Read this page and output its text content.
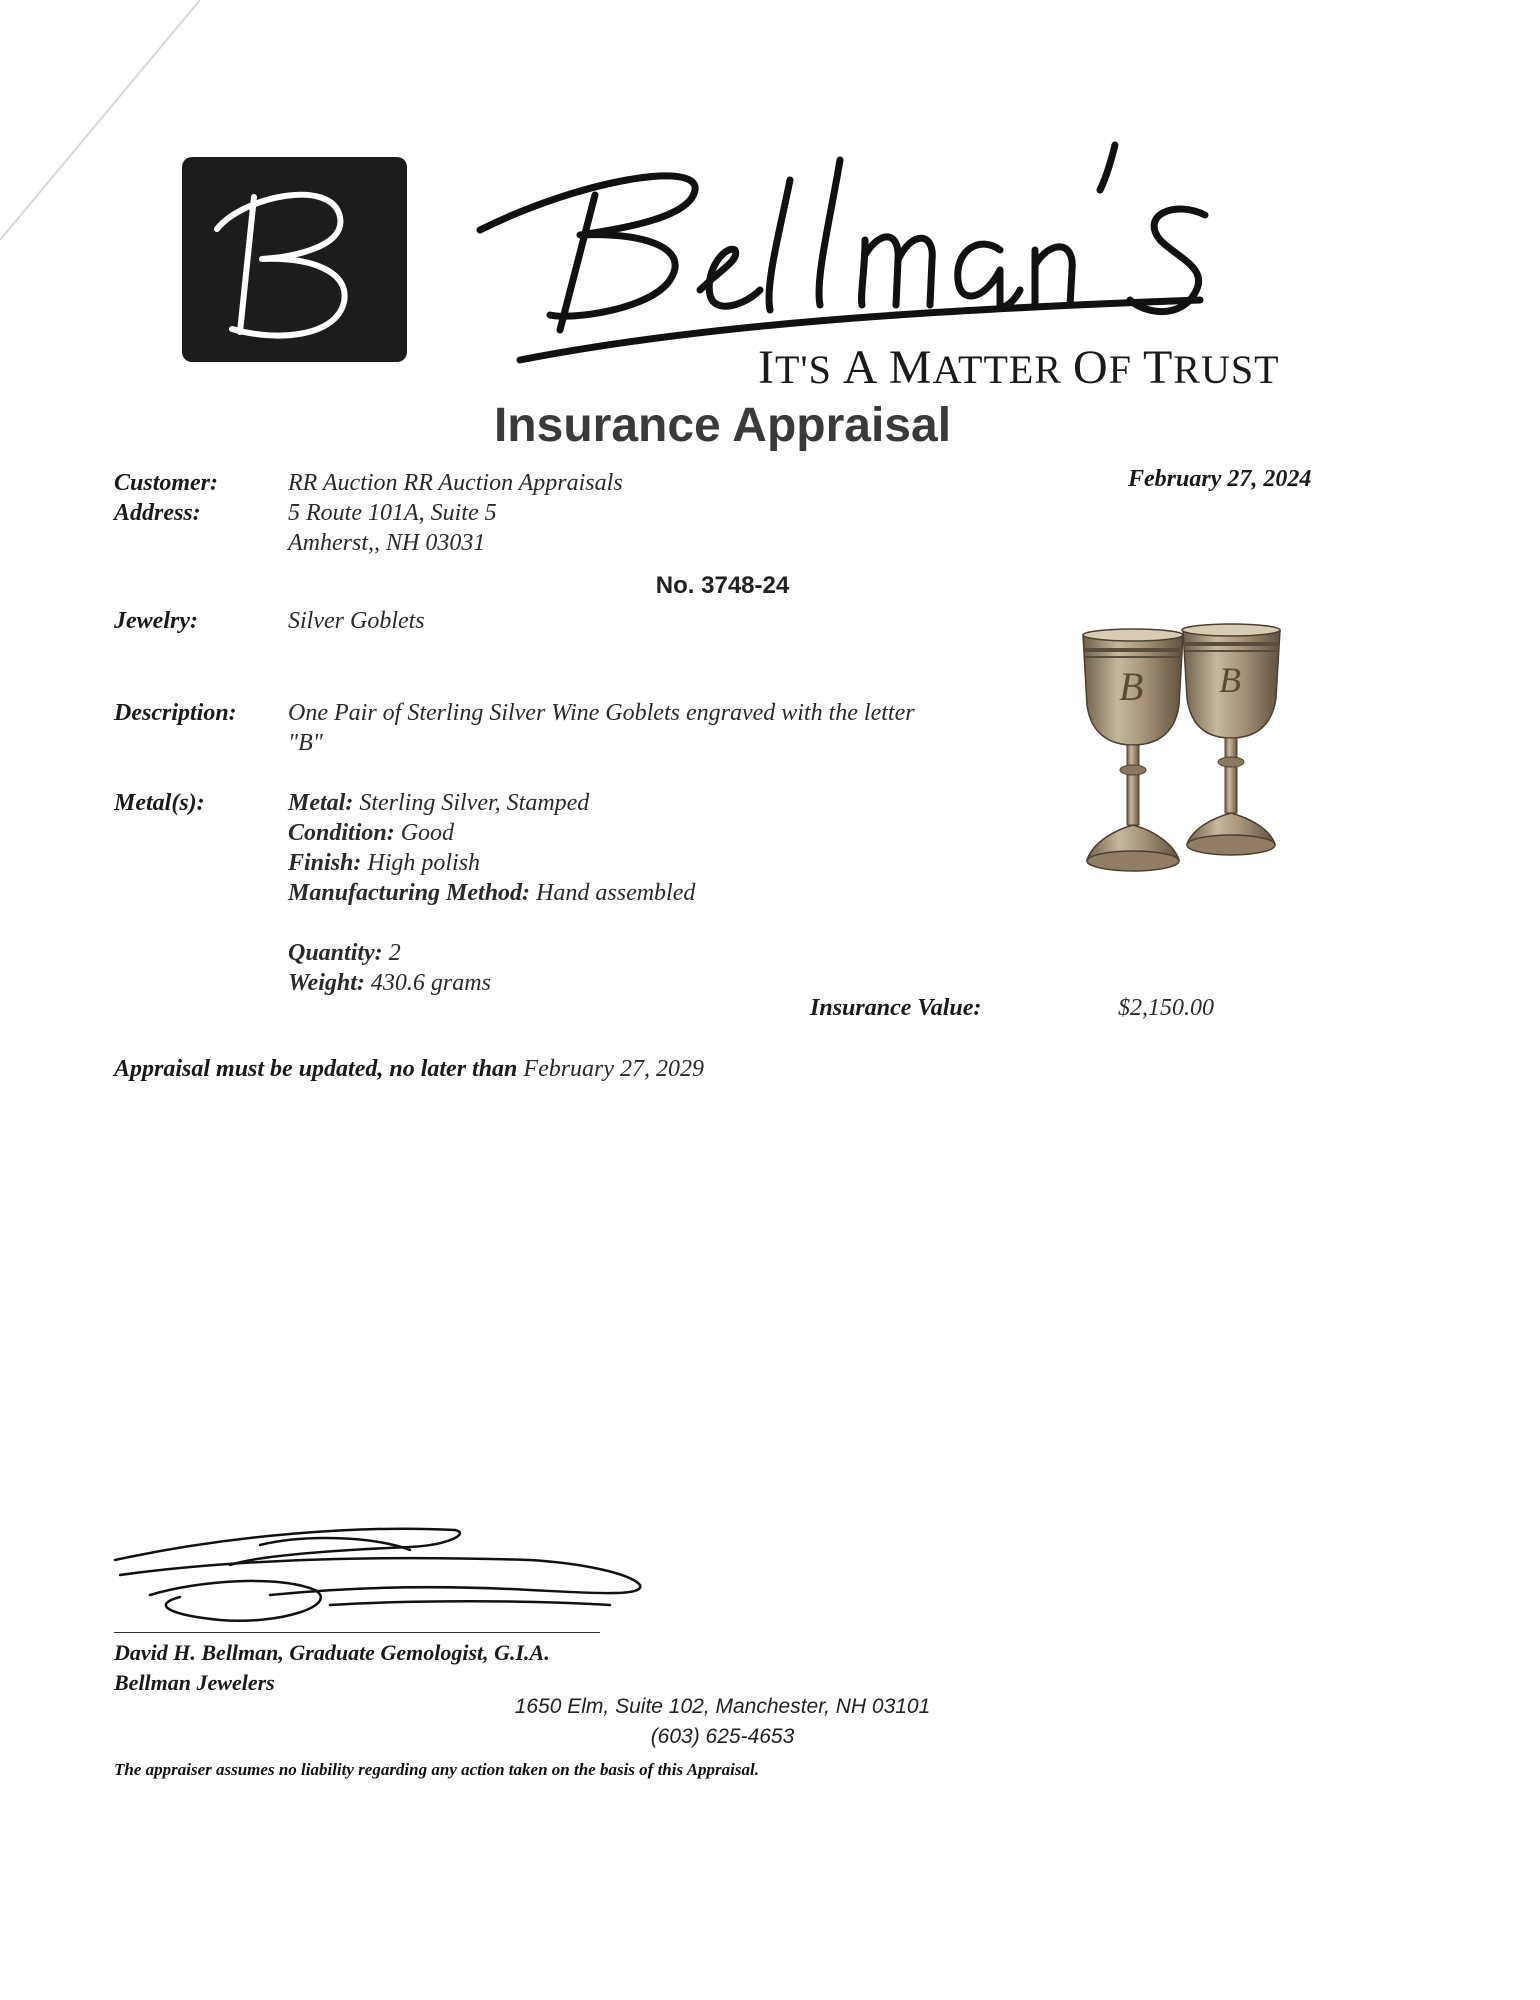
IT'S A MATTER OF TRUST
Insurance Appraisal
February 27, 2024
Customer:	RR Auction RR Auction Appraisals
Address:	5 Route 101A, Suite 5
Amherst,, NH 03031
No. 3748-24
Jewelry:	Silver Goblets
Description: One Pair of Sterling Silver Wine Goblets engraved with the letter
"B"
Metal(s):	Metal: Sterling Silver, Stamped
Condition: Good
Finish: High polish
Manufacturing Method: Hand assembled
Quantity: 2
Weight: 430.6 grams
Insurance Value:	$2,150.00
Appraisal must be updated, no later than February 27, 2029
B B
David H. Bellman, Graduate Gemologist, G.I.A.
Bellman Jewelers
1650 Elm, Suite 102, Manchester, NH 03101
(603) 625-4653
The appraiser assumes no liability regarding any action taken on the basis of this Appraisal.
